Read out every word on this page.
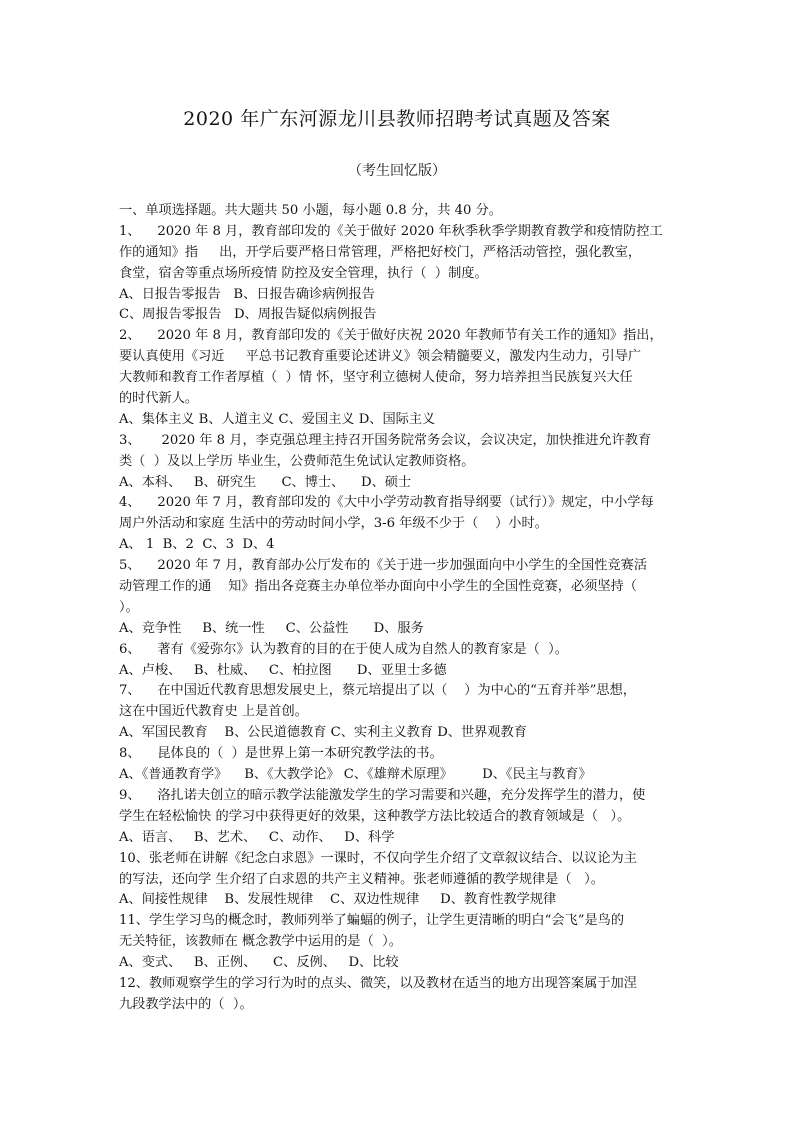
2020 年广东河源龙川县教师招聘考试真题及答案
（考生回忆版）
一、单项选择题。共大题共 50 小题，每小题 0.8 分，共 40 分。
1、    2020 年 8 月，教育部印发的《关于做好 2020 年秋季秋季学期教育教学和疫情防控工
作的通知》指     出，开学后要严格日常管理，严格把好校门，严格活动管控，强化教室，
食堂，宿舍等重点场所疫情 防控及安全管理，执行（  ）制度。
A、日报告零报告   B、日报告确诊病例报告
C、周报告零报告   D、周报告疑似病例报告
2、    2020 年 8 月，教育部印发的《关于做好庆祝 2020 年教师节有关工作的通知》指出，
要认真使用《习近     平总书记教育重要论述讲义》领会精髓要义，激发内生动力，引导广
大教师和教育工作者厚植（  ）情 怀，坚守利立德树人使命，努力培养担当民族复兴大任
的时代新人。
A、集体主义 B、人道主义 C、爱国主义 D、国际主义
3、     2020 年 8 月，李克强总理主持召开国务院常务会议，会议决定，加快推进允许教育
类（  ）及以上学历 毕业生，公费师范生免试认定教师资格。
A、本科、   B、研究生      C、博士、    D、硕士
4、    2020 年 7 月，教育部印发的《大中小学劳动教育指导纲要（试行）》规定，中小学每
周户外活动和家庭 生活中的劳动时间小学，3-6 年级不少于（    ）小时。
A、 1  B、2  C、3  D、4
5、    2020 年 7 月，教育部办公厅发布的《关于进一步加强面向中小学生的全国性竞赛活
动管理工作的通    知》指出各竞赛主办单位举办面向中小学生的全国性竞赛，必须坚持（
）。
A、竞争性     B、统一性     C、公益性      D、服务
6、    著有《爱弥尔》认为教育的目的在于使人成为自然人的教育家是（  ）。
A、卢梭、   B、杜威、   C、柏拉图      D、亚里士多德
7、    在中国近代教育思想发展史上，蔡元培提出了以（    ）为中心的“五育并举”思想，
这在中国近代教育史 上是首创。
A、军国民教育    B、公民道德教育 C、实利主义教育 D、世界观教育
8、    昆体良的（  ）是世界上第一本研究教学法的书。
A、《普通教育学》    B、《大教学论》 C、《雄辩术原理》       D、《民主与教育》
9、    洛扎诺夫创立的暗示教学法能激发学生的学习需要和兴趣，充分发挥学生的潜力，使
学生在轻松愉快 的学习中获得更好的效果，这种教学方法比较适合的教育领域是（   ）。
A、语言、   B、艺术、   C、动作、   D、科学
10、张老师在讲解《纪念白求恩》一课时，不仅向学生介绍了文章叙议结合、以议论为主
的写法，还向学 生介绍了白求恩的共产主义精神。张老师遵循的教学规律是（   ）。
A、间接性规律    B、发展性规律    C、双边性规律     D、教育性教学规律
11、学生学习鸟的概念时，教师列举了蝙蝠的例子，让学生更清晰的明白“会飞”是鸟的
无关特征，该教师在 概念教学中运用的是（  ）。
A、变式、   B、正例、    C、反例、   D、比较
12、教师观察学生的学习行为时的点头、微笑，以及教材在适当的地方出现答案属于加涅
九段教学法中的（  ）。
